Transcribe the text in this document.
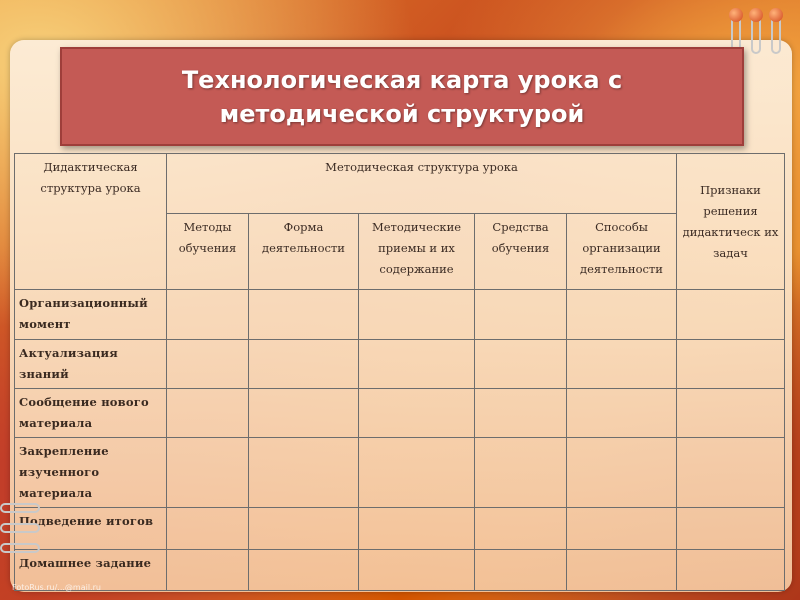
Технологическая карта урока с
методической структурой
Дидактическая структура урока	Методическая структура урока					Признаки решения дидактическ их задач
	Методы обучения	Форма деятельности	Методические приемы и их содержание	Средства обучения	Способы организации деятельности	
Организационный момент						
Актуализация знаний						
Сообщение нового материала						
Закрепление изученного материала						
Подведение итогов						
Домашнее задание						
FotoRus.ru/...@mail.ru
